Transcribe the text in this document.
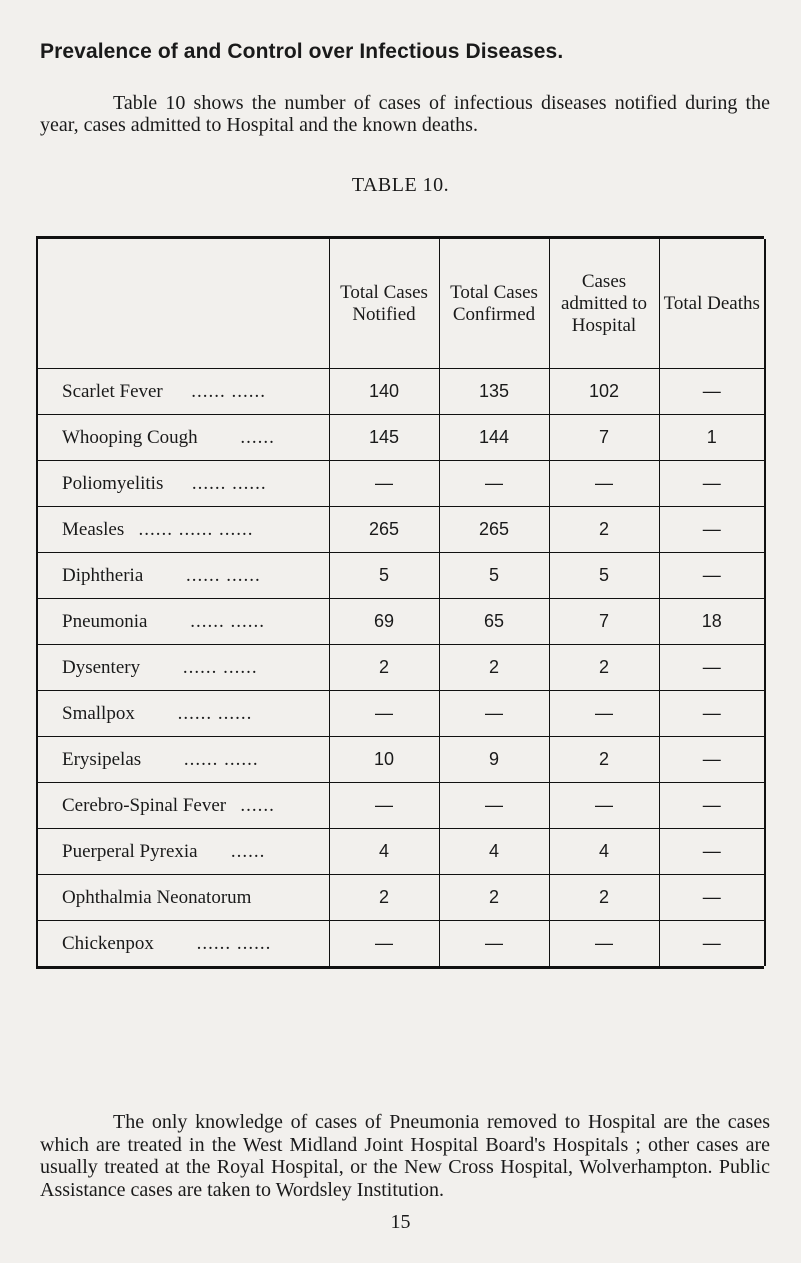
Prevalence of and Control over Infectious Diseases.

Table 10 shows the number of cases of infectious diseases notified during the year, cases admitted to Hospital and the known deaths.

TABLE 10.

	Total Cases Notified	Total Cases Confirmed	Cases admitted to Hospital	Total Deaths
Scarlet Fever ...... ......	140	135	102	—
Whooping Cough ......	145	144	7	1
Poliomyelitis ...... ......	—	—	—	—
Measles ...... ...... ......	265	265	2	—
Diphtheria ...... ......	5	5	5	—
Pneumonia ...... ......	69	65	7	18
Dysentery ...... ......	2	2	2	—
Smallpox ...... ......	—	—	—	—
Erysipelas ...... ......	10	9	2	—
Cerebro-Spinal Fever ......	—	—	—	—
Puerperal Pyrexia ......	4	4	4	—
Ophthalmia Neonatorum	2	2	2	—
Chickenpox ...... ......	—	—	—	—

The only knowledge of cases of Pneumonia removed to Hospital are the cases which are treated in the West Midland Joint Hospital Board's Hospitals ; other cases are usually treated at the Royal Hospital, or the New Cross Hospital, Wolverhampton. Public Assistance cases are taken to Wordsley Institution.

15
